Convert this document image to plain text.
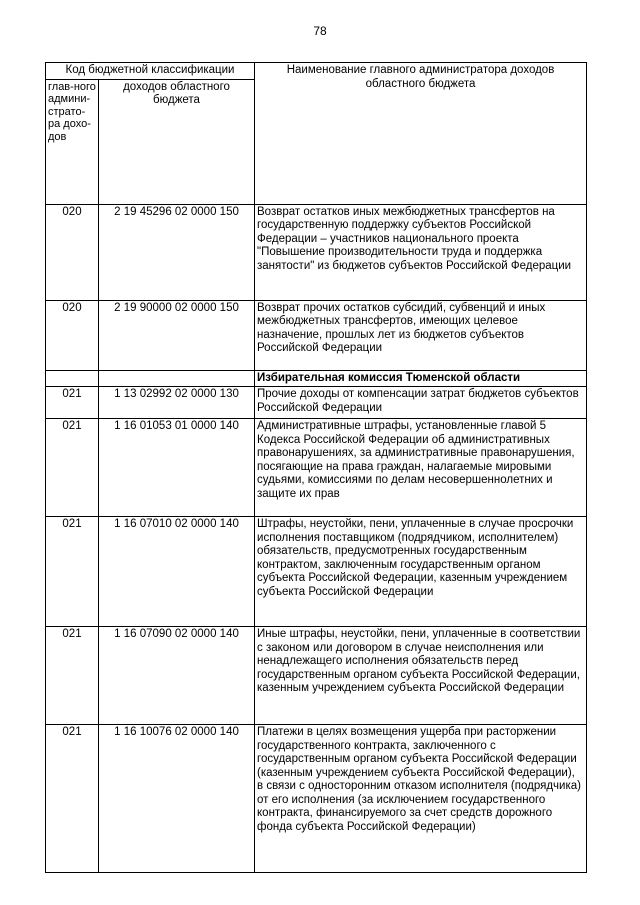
78
Код бюджетной классификации		Наименование главного администратора доходов областного бюджета
глав-ного админи-страто-ра дохо-дов	доходов областного бюджета	
020	2 19 45296 02 0000 150	Возврат остатков иных межбюджетных трансфертов на государственную поддержку субъектов Российской Федерации – участников национального проекта "Повышение производительности труда и поддержка занятости" из бюджетов субъектов Российской Федерации
020	2 19 90000 02 0000 150	Возврат прочих остатков субсидий, субвенций и иных межбюджетных трансфертов, имеющих целевое назначение, прошлых лет из бюджетов субъектов Российской Федерации
		Избирательная комиссия Тюменской области
021	1 13 02992 02 0000 130	Прочие доходы от компенсации затрат бюджетов субъектов Российской Федерации
021	1 16 01053 01 0000 140	Административные штрафы, установленные главой 5 Кодекса Российской Федерации об административных правонарушениях, за административные правонарушения, посягающие на права граждан, налагаемые мировыми судьями, комиссиями по делам несовершеннолетних и защите их прав
021	1 16 07010 02 0000 140	Штрафы, неустойки, пени, уплаченные в случае просрочки исполнения поставщиком (подрядчиком, исполнителем) обязательств, предусмотренных государственным контрактом, заключенным государственным органом субъекта Российской Федерации, казенным учреждением субъекта Российской Федерации
021	1 16 07090 02 0000 140	Иные штрафы, неустойки, пени, уплаченные в соответствии с законом или договором в случае неисполнения или ненадлежащего исполнения обязательств перед государственным органом субъекта Российской Федерации, казенным учреждением субъекта Российской Федерации
021	1 16 10076 02 0000 140	Платежи в целях возмещения ущерба при расторжении государственного контракта, заключенного с государственным органом субъекта Российской Федерации (казенным учреждением субъекта Российской Федерации), в связи с односторонним отказом исполнителя (подрядчика) от его исполнения (за исключением государственного контракта, финансируемого за счет средств дорожного фонда субъекта Российской Федерации)
